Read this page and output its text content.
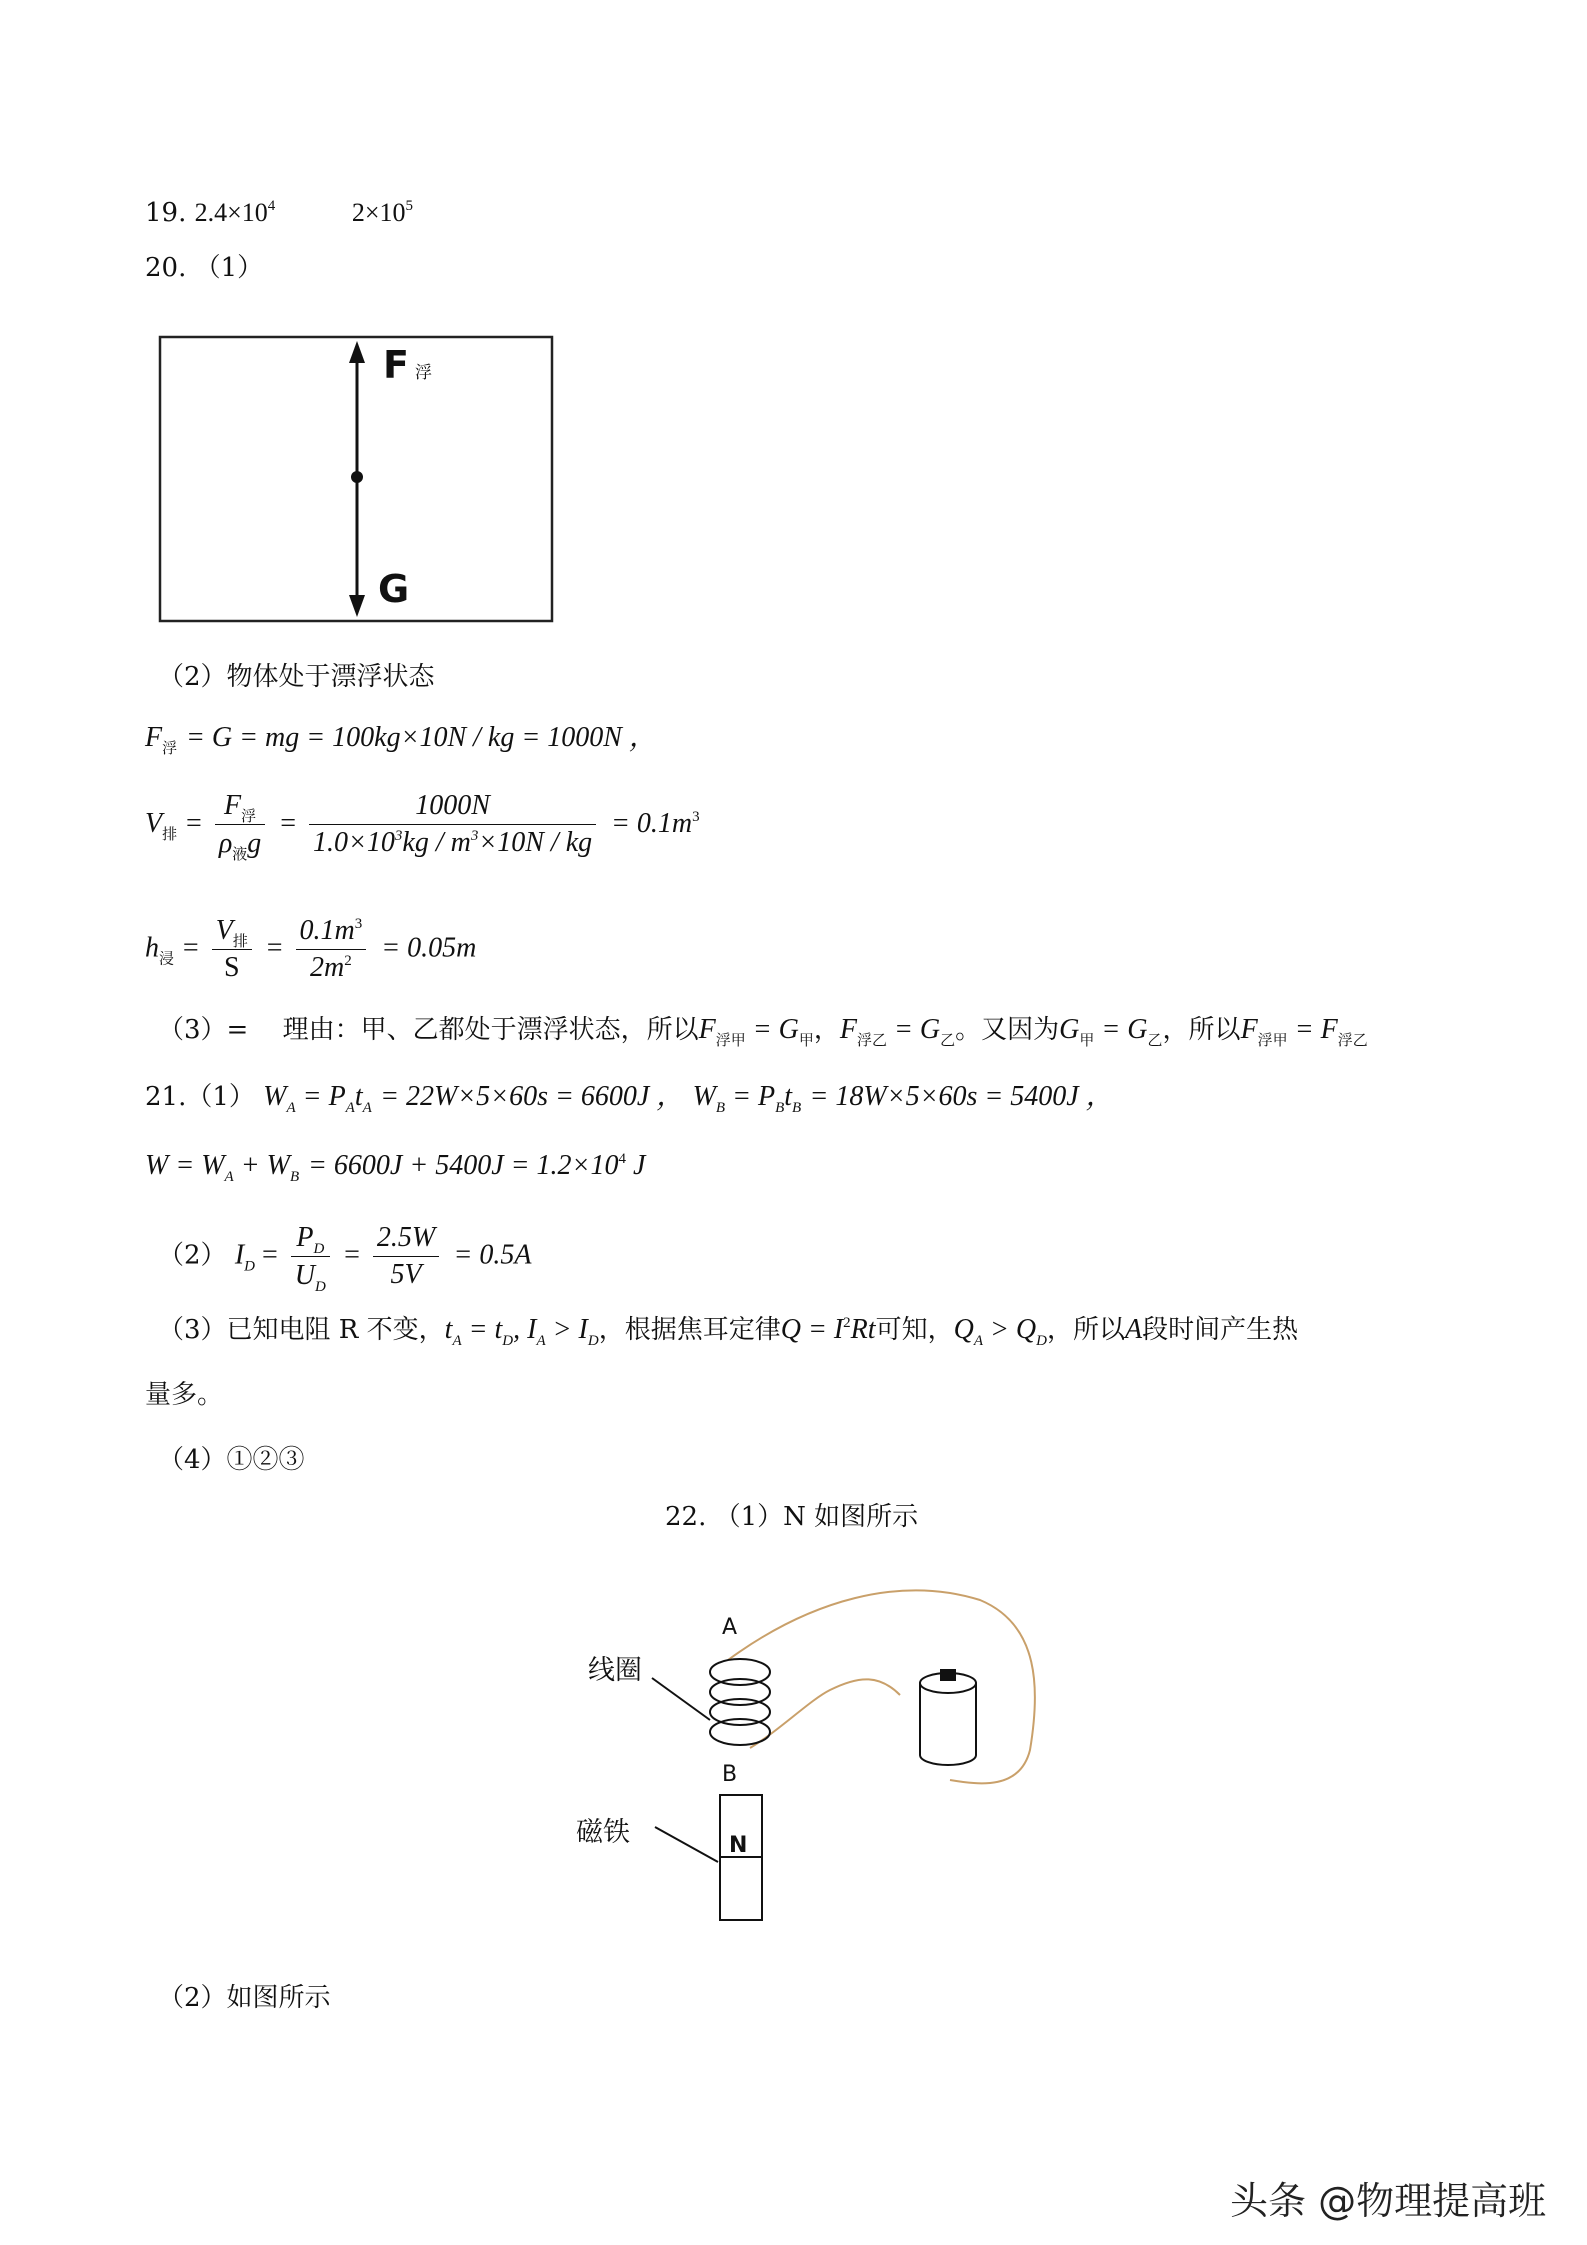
19. $2.4\times 10^4$	$2\times 10^5$
20. （1）
F浮
G
（2）物体处于漂浮状态
$F_浮 = G$ = mg = 100kg×10N / kg = 1000N ，
$V_排 = \frac{F_浮}{\rho_液g} = \frac{1000N}{1.0\times 10^3kg / m^3\times 10N / kg} = 0.1m^3$
$h_浸 = \frac{V_排}{S} = \frac{0.1m^3}{2m^2} = 0.05m$
（3）=　 理由：甲、乙都处于漂浮状态，所以$F_{浮甲} = G_甲$，$F_{浮乙} = G_乙$。又因为$G_甲 = G_乙$，所以$F_{浮甲} = F_{浮乙}$
21.（1） $W_A = P_At_A = 22W\times 5\times 60s = 6600J$ ， $W_B = P_Bt_B = 18W\times 5\times 60s = 5400J$ ，
$W = W_A + W_B = 6600J + 5400J = 1.2\times 10^4$ J
（2） $I_D = \frac{P_D}{U_D} = \frac{2.5W}{5V} = 0.5A$
（3）已知电阻 R 不变，$t_A = t_D$, $I_A > I_D$，根据焦耳定律$Q = I^2Rt$可知，$Q_A > Q_D$，所以A段时间产生热
量多。
（4）①②③
22. （1）N 如图所示
A
B
线圈
磁铁	N
（2）如图所示
头条 @物理提高班
